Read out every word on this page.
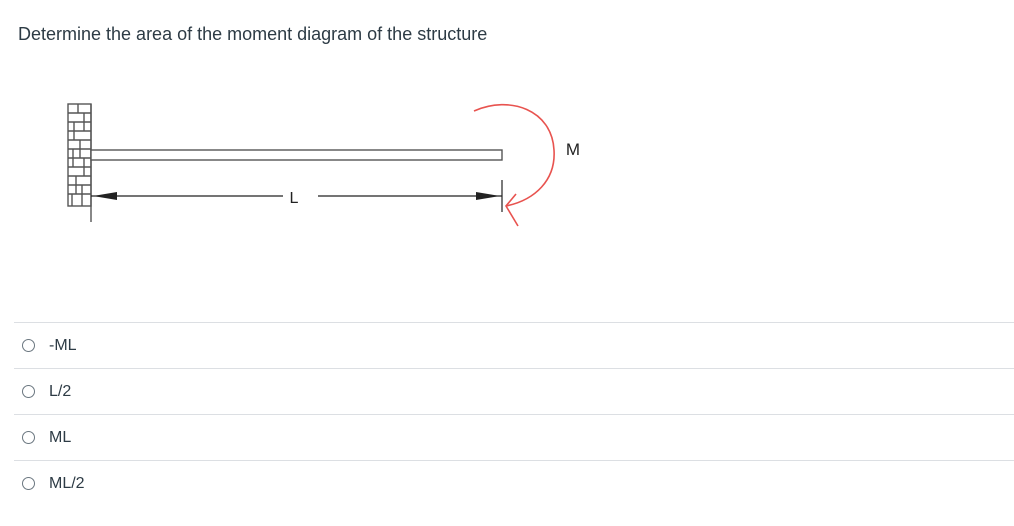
Determine the area of the moment diagram of the structure
L
M
-ML
L/2
ML
ML/2
